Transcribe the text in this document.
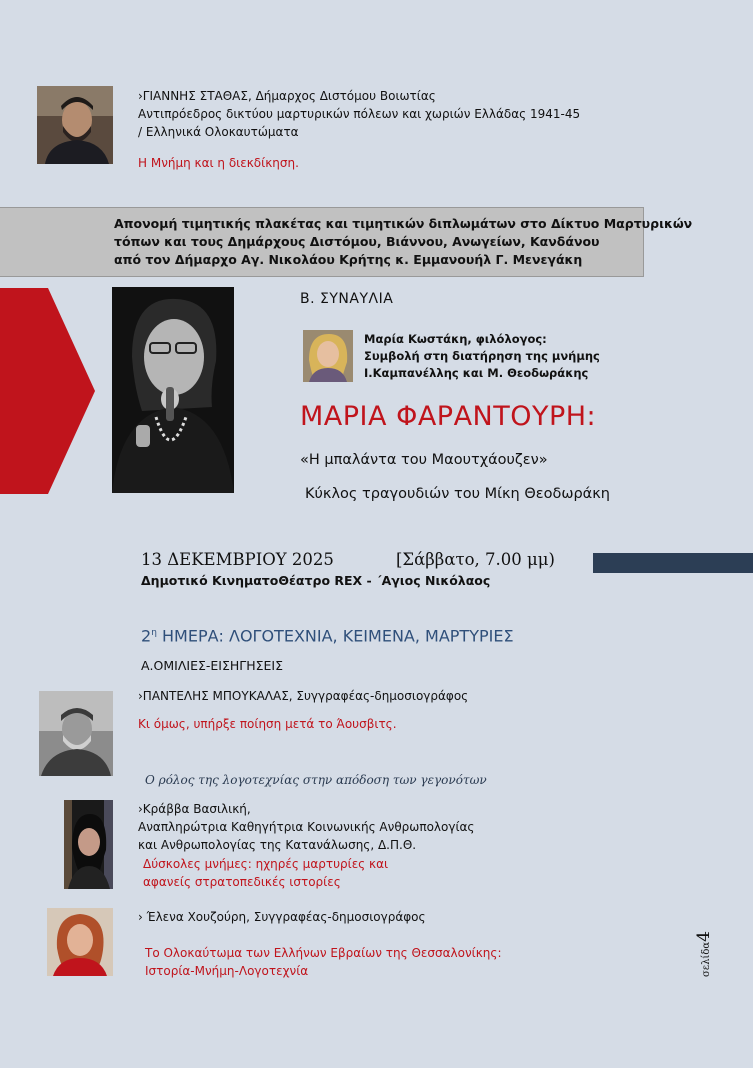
›ΓΙΑΝΝΗΣ ΣΤΑΘΑΣ, Δήμαρχος Διστόμου Βοιωτίας
Αντιπρόεδρος δικτύου μαρτυρικών πόλεων και χωριών Ελλάδας 1941-45
/ Ελληνικά Ολοκαυτώματα
Η Μνήμη και η διεκδίκηση.
Απονομή τιμητικής πλακέτας και τιμητικών διπλωμάτων στο Δίκτυο Μαρτυρικών
τόπων και τους Δημάρχους Διστόμου, Βιάννου, Ανωγείων, Κανδάνου
από τον Δήμαρχο Αγ. Νικολάου Κρήτης κ. Εμμανουήλ Γ. Μενεγάκη
Β. ΣΥΝΑΥΛΙΑ
Μαρία Κωστάκη, φιλόλογος:
Συμβολή στη διατήρηση της μνήμης
Ι.Καμπανέλλης και Μ. Θεοδωράκης
ΜΑΡΙΑ ΦΑΡΑΝΤΟΥΡΗ:
«Η μπαλάντα του Μαουτχάουζεν»
Κύκλος τραγουδιών του Μίκη Θεοδωράκη
13 ΔΕΚΕΜΒΡΙΟΥ 2025	[Σάββατο, 7.00 μμ)
Δημοτικό ΚινηματοΘέατρο REX - ΄Αγιος Νικόλαος
$2^\eta$ ΗΜΕΡΑ: ΛΟΓΟΤΕΧΝΙΑ, ΚΕΙΜΕΝΑ, ΜΑΡΤΥΡΙΕΣ
Α.ΟΜΙΛΙΕΣ-ΕΙΣΗΓΗΣΕΙΣ
›ΠΑΝΤΕΛΗΣ ΜΠΟΥΚΑΛΑΣ, Συγγραφέας-δημοσιογράφος
Κι όμως, υπήρξε ποίηση μετά το Άουσβιτς.
Ο ρόλος της λογοτεχνίας στην απόδοση των γεγονότων
›Κράββα Βασιλική,
Αναπληρώτρια Καθηγήτρια Κοινωνικής Ανθρωπολογίας
και Ανθρωπολογίας της Κατανάλωσης, Δ.Π.Θ.
Δύσκολες μνήμες: ηχηρές μαρτυρίες και
αφανείς στρατοπεδικές ιστορίες
› Έλενα Χουζούρη, Συγγραφέας-δημοσιογράφος
Το Ολοκαύτωμα των Ελλήνων Εβραίων της Θεσσαλονίκης:
Ιστορία-Μνήμη-Λογοτεχνία	σελίδα4
